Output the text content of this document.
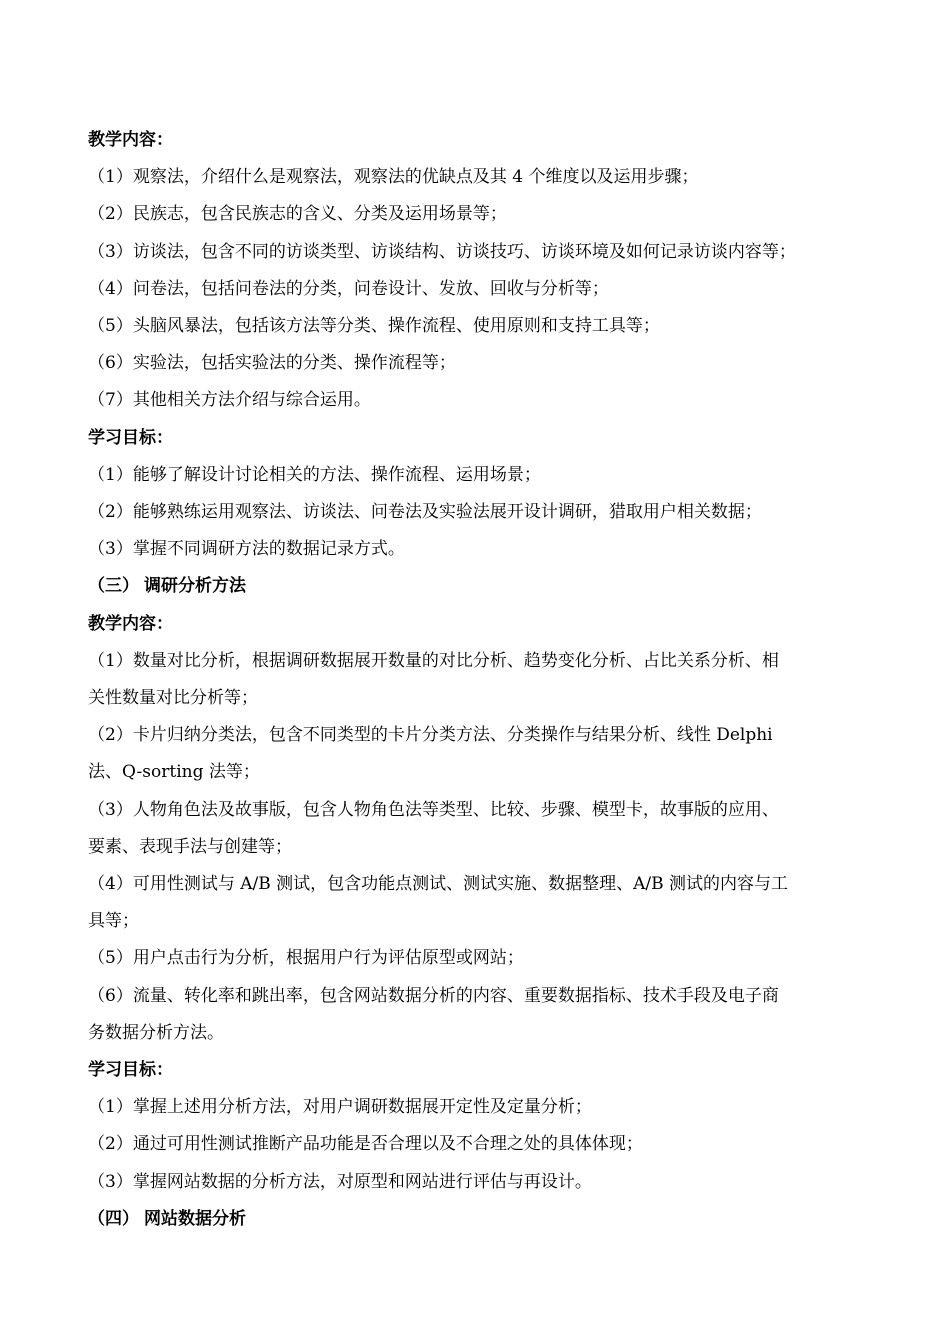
教学内容：
（1）观察法，介绍什么是观察法，观察法的优缺点及其 4 个维度以及运用步骤；
（2）民族志，包含民族志的含义、分类及运用场景等；
（3）访谈法，包含不同的访谈类型、访谈结构、访谈技巧、访谈环境及如何记录访谈内容等；
（4）问卷法，包括问卷法的分类，问卷设计、发放、回收与分析等；
（5）头脑风暴法，包括该方法等分类、操作流程、使用原则和支持工具等；
（6）实验法，包括实验法的分类、操作流程等；
（7）其他相关方法介绍与综合运用。
学习目标：
（1）能够了解设计讨论相关的方法、操作流程、运用场景；
（2）能够熟练运用观察法、访谈法、问卷法及实验法展开设计调研，猎取用户相关数据；
（3）掌握不同调研方法的数据记录方式。
（三） 调研分析方法
教学内容：
（1）数量对比分析，根据调研数据展开数量的对比分析、趋势变化分析、占比关系分析、相
关性数量对比分析等；
（2）卡片归纳分类法，包含不同类型的卡片分类方法、分类操作与结果分析、线性 Delphi
法、Q-sorting 法等；
（3）人物角色法及故事版，包含人物角色法等类型、比较、步骤、模型卡，故事版的应用、
要素、表现手法与创建等；
（4）可用性测试与 A/B 测试，包含功能点测试、测试实施、数据整理、A/B 测试的内容与工
具等；
（5）用户点击行为分析，根据用户行为评估原型或网站；
（6）流量、转化率和跳出率，包含网站数据分析的内容、重要数据指标、技术手段及电子商
务数据分析方法。
学习目标：
（1）掌握上述用分析方法，对用户调研数据展开定性及定量分析；
（2）通过可用性测试推断产品功能是否合理以及不合理之处的具体体现；
（3）掌握网站数据的分析方法，对原型和网站进行评估与再设计。
（四） 网站数据分析
